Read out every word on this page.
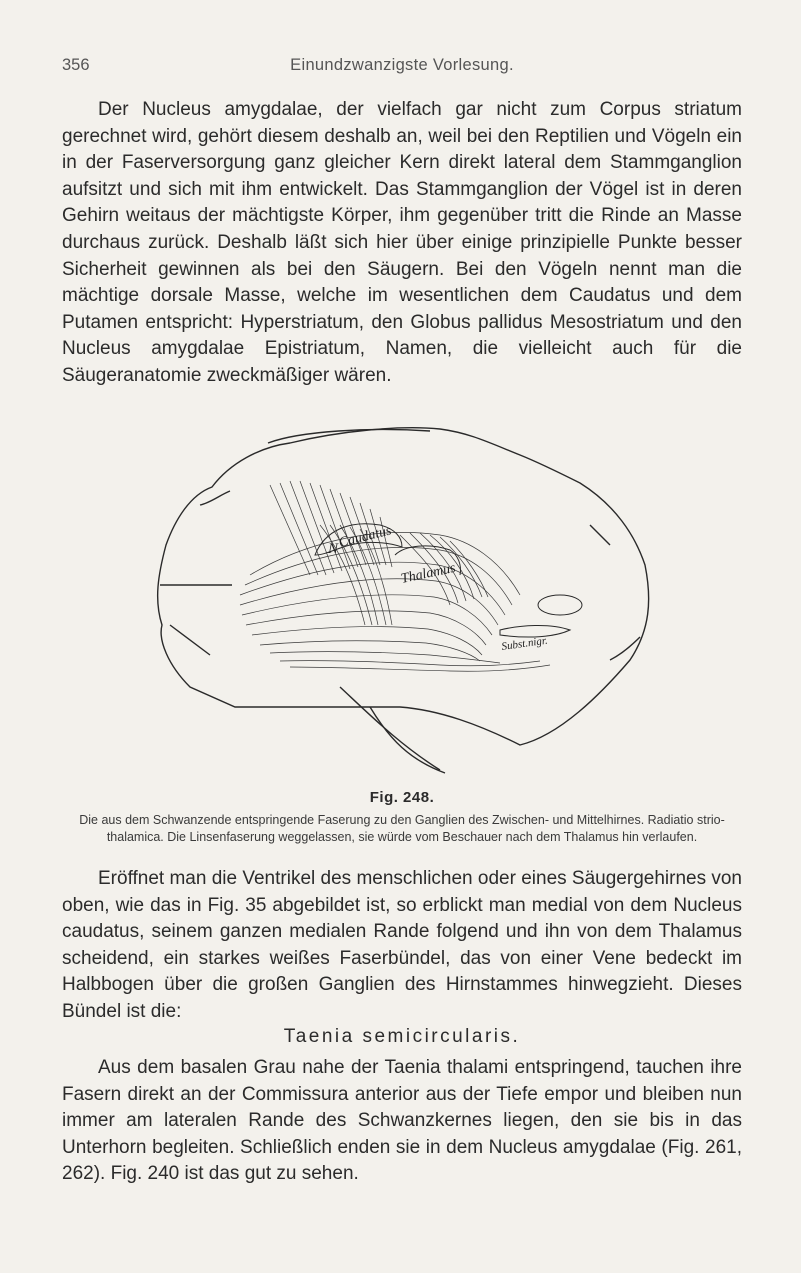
356	Einundzwanzigste Vorlesung.

Der Nucleus amygdalae, der vielfach gar nicht zum Corpus striatum gerechnet wird, gehört diesem deshalb an, weil bei den Reptilien und Vögeln ein in der Faserversorgung ganz gleicher Kern direkt lateral dem Stammganglion aufsitzt und sich mit ihm entwickelt. Das Stammganglion der Vögel ist in deren Gehirn weitaus der mächtigste Körper, ihm gegenüber tritt die Rinde an Masse durchaus zurück. Deshalb läßt sich hier über einige prinzipielle Punkte besser Sicherheit gewinnen als bei den Säugern. Bei den Vögeln nennt man die mächtige dorsale Masse, welche im wesentlichen dem Caudatus und dem Putamen entspricht: Hyperstriatum, den Globus pallidus Mesostriatum und den Nucleus amygdalae Epistriatum, Namen, die vielleicht auch für die Säugeranatomie zweckmäßiger wären.

N Caudatus
Thalamus
Subst.nigr.
Fig. 248.
Die aus dem Schwanzende entspringende Faserung zu den Ganglien des Zwischen- und Mittelhirnes. Radiatio strio-thalamica. Die Linsenfaserung weggelassen, sie würde vom Beschauer nach dem Thalamus hin verlaufen.

Eröffnet man die Ventrikel des menschlichen oder eines Säugergehirnes von oben, wie das in Fig. 35 abgebildet ist, so erblickt man medial von dem Nucleus caudatus, seinem ganzen medialen Rande folgend und ihn von dem Thalamus scheidend, ein starkes weißes Faserbündel, das von einer Vene bedeckt im Halbbogen über die großen Ganglien des Hirnstammes hinwegzieht. Dieses Bündel ist die:

Taenia semicircularis.

Aus dem basalen Grau nahe der Taenia thalami entspringend, tauchen ihre Fasern direkt an der Commissura anterior aus der Tiefe empor und bleiben nun immer am lateralen Rande des Schwanzkernes liegen, den sie bis in das Unterhorn begleiten. Schließlich enden sie in dem Nucleus amygdalae (Fig. 261, 262). Fig. 240 ist das gut zu sehen.
